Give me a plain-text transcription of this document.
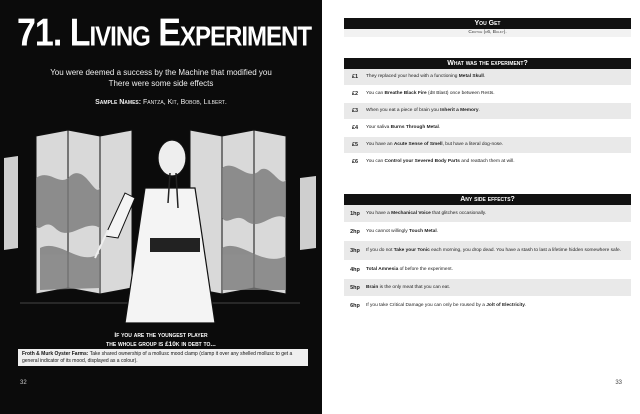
71. Living Experiment
You were deemed a success by the Machine that modified you
There were some side effects
Sample Names: Fantza, Kit, Bobob, Lilbert.
If you are the youngest player
the whole group is £10k in debt to...
Froth & Murk Oyster Farms: Take shared ownership of a mollusc mood clamp (clamp it over any shelled mollusc to get a general indicator of its mood, displayed as a colour).
32
You Get
Crutch (d6, Bulky).
What was the experiment?
£1	They replaced your head with a functioning Metal Skull.
£2	You can Breathe Black Fire (d8 Blast) once between Rests.
£3	When you eat a piece of brain you Inherit a Memory.
£4	Your saliva Burns Through Metal.
£5	You have an Acute Sense of Smell, but have a literal dog-nose.
£6	You can Control your Severed Body Parts and reattach them at will.
Any side effects?
1hp	You have a Mechanical Voice that glitches occasionally.
2hp	You cannot willingly Touch Metal.
3hp	If you do not Take your Tonic each morning, you drop dead. You have a stash to last a lifetime hidden somewhere safe.
4hp	Total Amnesia of before the experiment.
5hp	Brain is the only meat that you can eat.
6hp	If you take Critical Damage you can only be roused by a Jolt of Electricity.
33
